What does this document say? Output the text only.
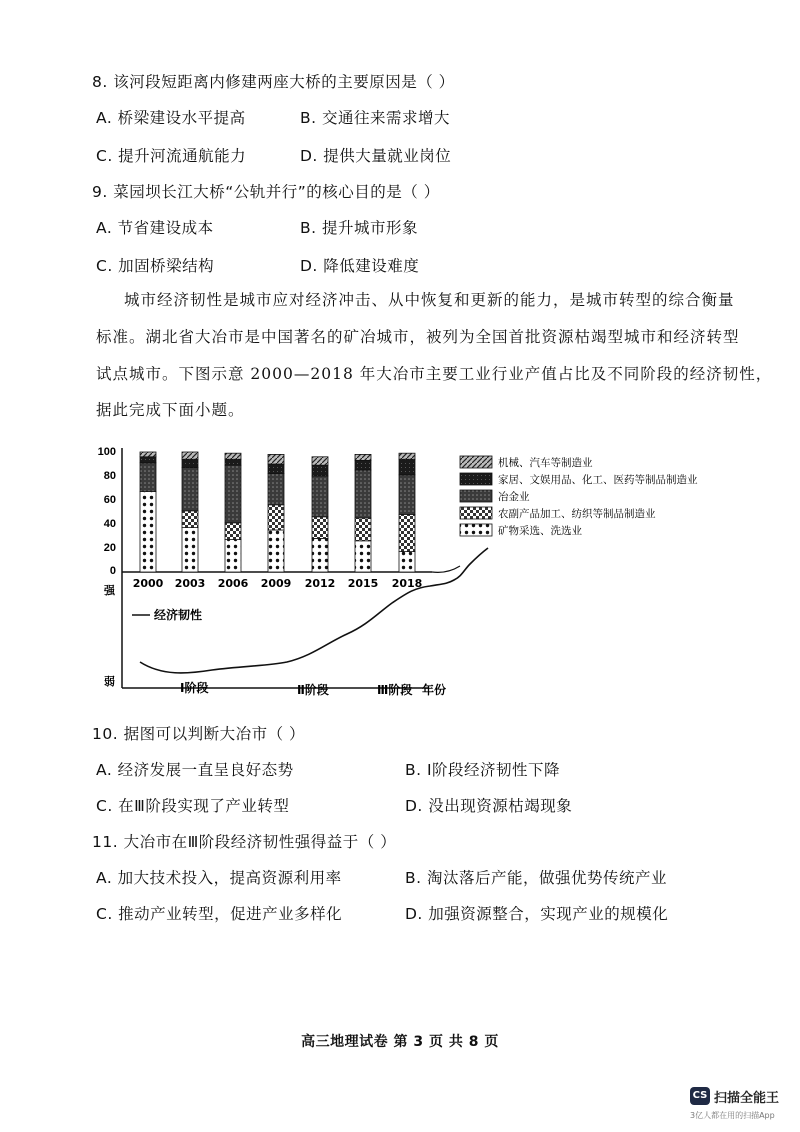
8. 该河段短距离内修建两座大桥的主要原因是（ ）
A. 桥梁建设水平提高	B. 交通往来需求增大
C. 提升河流通航能力	D. 提供大量就业岗位
9. 菜园坝长江大桥“公轨并行”的核心目的是（ ）
A. 节省建设成本	B. 提升城市形象
C. 加固桥梁结构	D. 降低建设难度
城市经济韧性是城市应对经济冲击、从中恢复和更新的能力，是城市转型的综合衡量
标准。湖北省大冶市是中国著名的矿冶城市，被列为全国首批资源枯竭型城市和经济转型
试点城市。下图示意 2000—2018 年大冶市主要工业行业产值占比及不同阶段的经济韧性，
据此完成下面小题。
100
80
60
40
20
0
2000 2003 2006 2009 2012 2015 2018
机械、汽车等制造业
家居、文娱用品、化工、医药等制品制造业
冶金业
农副产品加工、纺织等制品制造业
矿物采选、洗选业
强
弱
经济韧性
Ⅰ阶段	Ⅱ阶段	Ⅲ阶段 年份
10. 据图可以判断大冶市（ ）
A. 经济发展一直呈良好态势	B. Ⅰ阶段经济韧性下降
C. 在Ⅲ阶段实现了产业转型	D. 没出现资源枯竭现象
11. 大冶市在Ⅲ阶段经济韧性强得益于（ ）
A. 加大技术投入，提高资源利用率	B. 淘汰落后产能，做强优势传统产业
C. 推动产业转型，促进产业多样化	D. 加强资源整合，实现产业的规模化
高三地理试卷 第 3 页 共 8 页
CS 扫描全能王
3亿人都在用的扫描App
